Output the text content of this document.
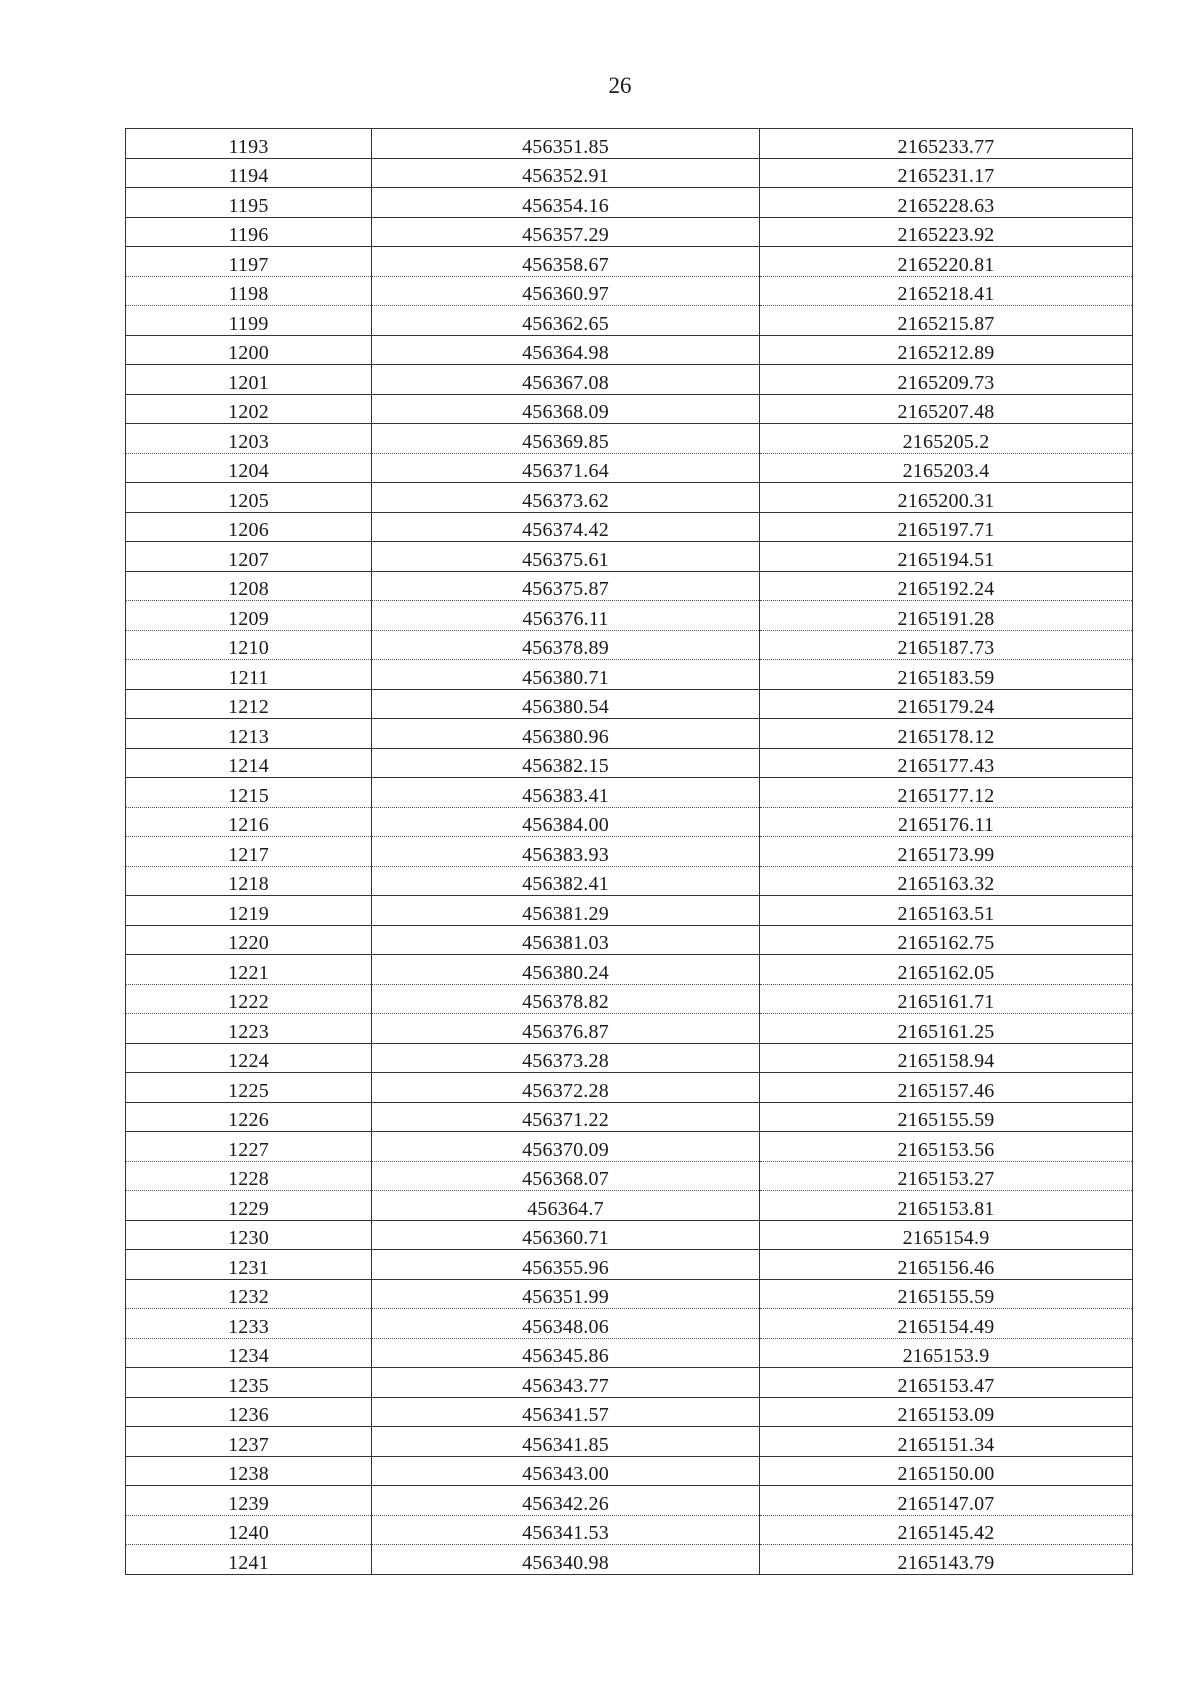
26
1193	456351.85	2165233.77
1194	456352.91	2165231.17
1195	456354.16	2165228.63
1196	456357.29	2165223.92
1197	456358.67	2165220.81
1198	456360.97	2165218.41
1199	456362.65	2165215.87
1200	456364.98	2165212.89
1201	456367.08	2165209.73
1202	456368.09	2165207.48
1203	456369.85	2165205.2
1204	456371.64	2165203.4
1205	456373.62	2165200.31
1206	456374.42	2165197.71
1207	456375.61	2165194.51
1208	456375.87	2165192.24
1209	456376.11	2165191.28
1210	456378.89	2165187.73
1211	456380.71	2165183.59
1212	456380.54	2165179.24
1213	456380.96	2165178.12
1214	456382.15	2165177.43
1215	456383.41	2165177.12
1216	456384.00	2165176.11
1217	456383.93	2165173.99
1218	456382.41	2165163.32
1219	456381.29	2165163.51
1220	456381.03	2165162.75
1221	456380.24	2165162.05
1222	456378.82	2165161.71
1223	456376.87	2165161.25
1224	456373.28	2165158.94
1225	456372.28	2165157.46
1226	456371.22	2165155.59
1227	456370.09	2165153.56
1228	456368.07	2165153.27
1229	456364.7	2165153.81
1230	456360.71	2165154.9
1231	456355.96	2165156.46
1232	456351.99	2165155.59
1233	456348.06	2165154.49
1234	456345.86	2165153.9
1235	456343.77	2165153.47
1236	456341.57	2165153.09
1237	456341.85	2165151.34
1238	456343.00	2165150.00
1239	456342.26	2165147.07
1240	456341.53	2165145.42
1241	456340.98	2165143.79
